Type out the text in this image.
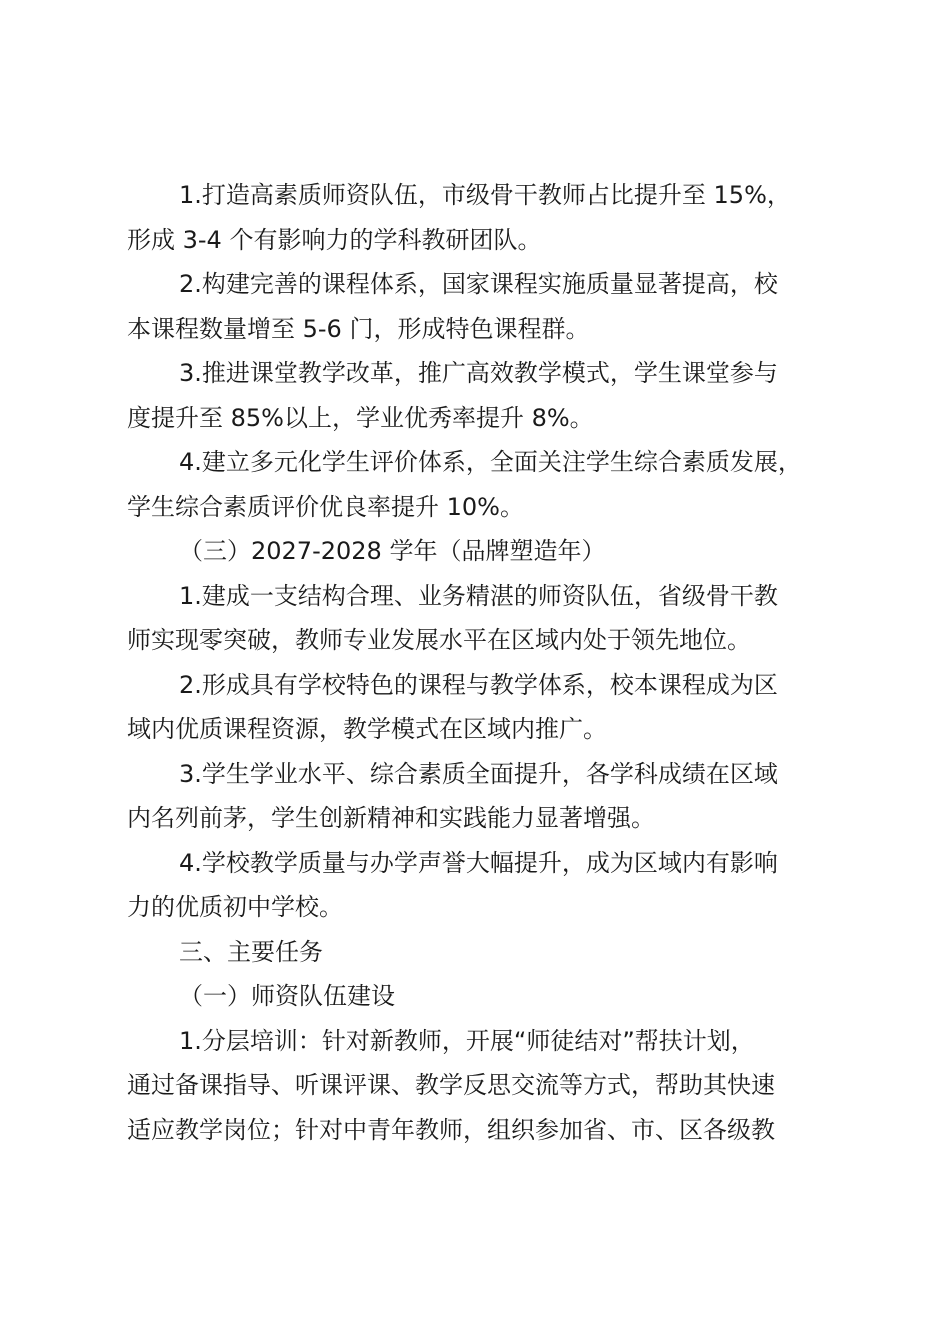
1.打造高素质师资队伍，市级骨干教师占比提升至 15%，
形成 3-4 个有影响力的学科教研团队。
2.构建完善的课程体系，国家课程实施质量显著提高，校
本课程数量增至 5-6 门，形成特色课程群。
3.推进课堂教学改革，推广高效教学模式，学生课堂参与
度提升至 85%以上，学业优秀率提升 8%。
4.建立多元化学生评价体系，全面关注学生综合素质发展，
学生综合素质评价优良率提升 10%。
（三）2027-2028 学年（品牌塑造年）
1.建成一支结构合理、业务精湛的师资队伍，省级骨干教
师实现零突破，教师专业发展水平在区域内处于领先地位。
2.形成具有学校特色的课程与教学体系，校本课程成为区
域内优质课程资源，教学模式在区域内推广。
3.学生学业水平、综合素质全面提升，各学科成绩在区域
内名列前茅，学生创新精神和实践能力显著增强。
4.学校教学质量与办学声誉大幅提升，成为区域内有影响
力的优质初中学校。
三、主要任务
（一）师资队伍建设
1.分层培训：针对新教师，开展“师徒结对”帮扶计划，
通过备课指导、听课评课、教学反思交流等方式，帮助其快速
适应教学岗位；针对中青年教师，组织参加省、市、区各级教
